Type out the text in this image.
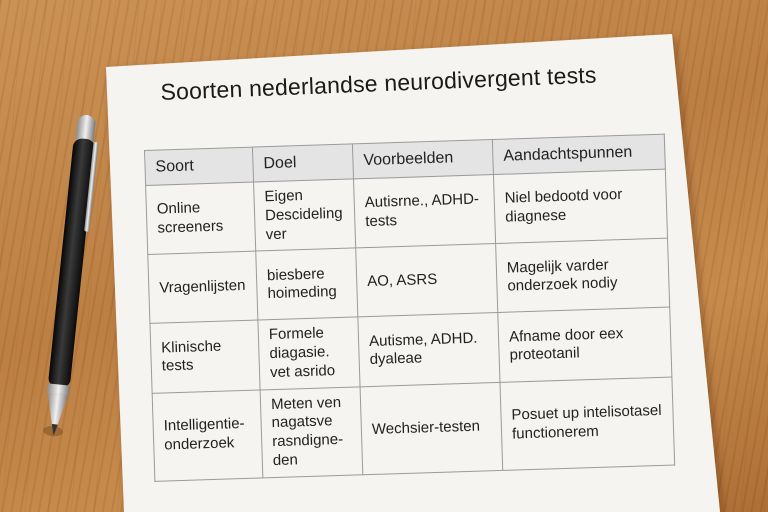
Soorten nederlandse neurodivergent tests
Soort	Doel	Voorbeelden	Aandachtspunnen
Online screeners	Eigen Descideling ver	Autisrne., ADHD-tests	Niel bedootd voor diagnese
Vragenlijsten	biesbere hoimeding	AO, ASRS	Magelijk varder onderzoek nodiy
Klinische tests	Formele diagasie. vet asrido	Autisme, ADHD. dyaleae	Afname door eex proteotanil
Intelligentie-onderzoek	Meten ven nagatsve rasndigne-den	Wechsier-testen	Posuet up intelisotasel functionerem
